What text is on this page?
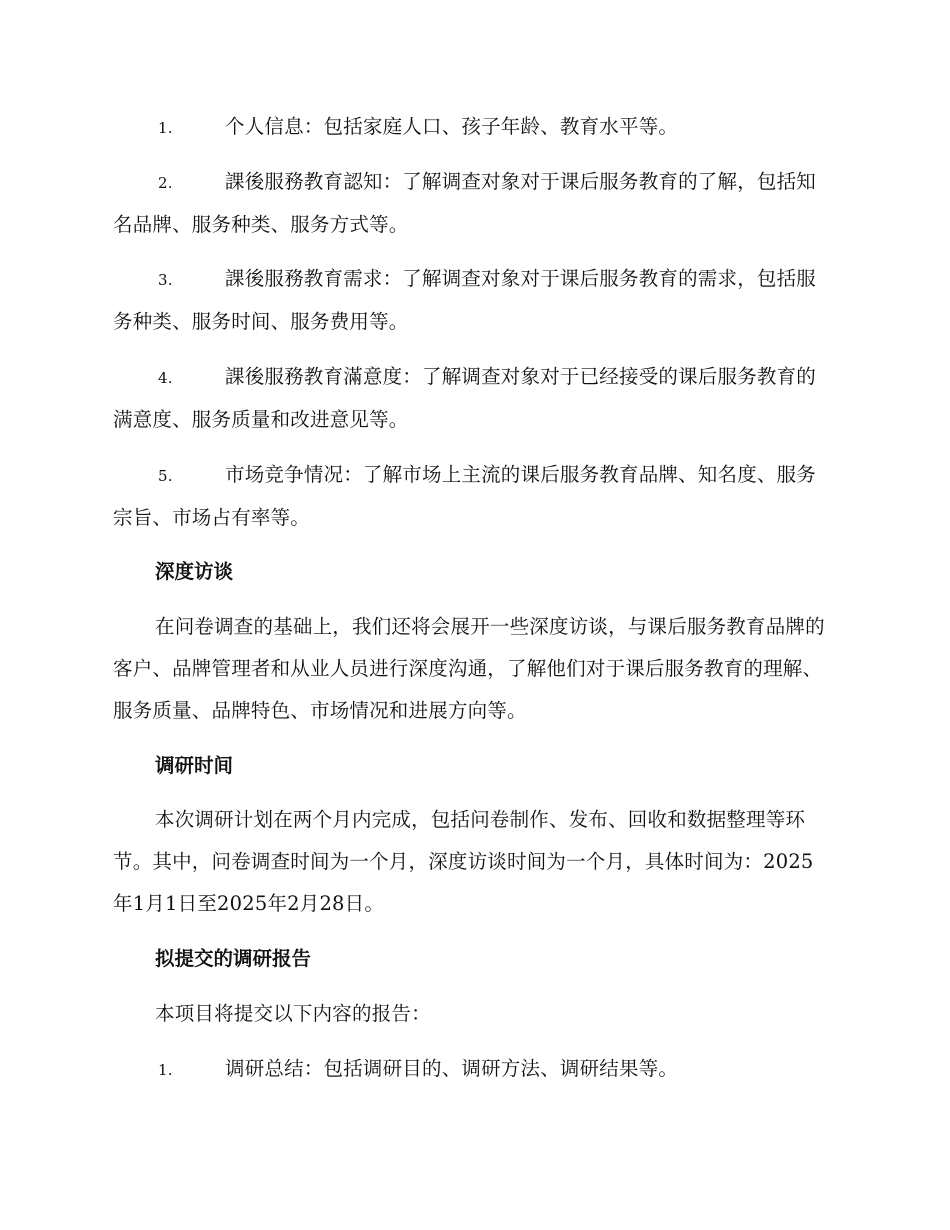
1.	个人信息：包括家庭人口、孩子年龄、教育水平等。
2.	課後服務教育認知：了解调查对象对于课后服务教育的了解，包括知名品牌、服务种类、服务方式等。
3.	課後服務教育需求：了解调查对象对于课后服务教育的需求，包括服务种类、服务时间、服务费用等。
4.	課後服務教育滿意度：了解调查对象对于已经接受的课后服务教育的满意度、服务质量和改进意见等。
5.	市场竞争情况：了解市场上主流的课后服务教育品牌、知名度、服务宗旨、市场占有率等。
深度访谈
在问卷调查的基础上，我们还将会展开一些深度访谈，与课后服务教育品牌的客户、品牌管理者和从业人员进行深度沟通，了解他们对于课后服务教育的理解、服务质量、品牌特色、市场情况和进展方向等。
调研时间
本次调研计划在两个月内完成，包括问卷制作、发布、回收和数据整理等环节。其中，问卷调查时间为一个月，深度访谈时间为一个月，具体时间为：2025年1月1日至2025年2月28日。
拟提交的调研报告
本项目将提交以下内容的报告：
1.	调研总结：包括调研目的、调研方法、调研结果等。
